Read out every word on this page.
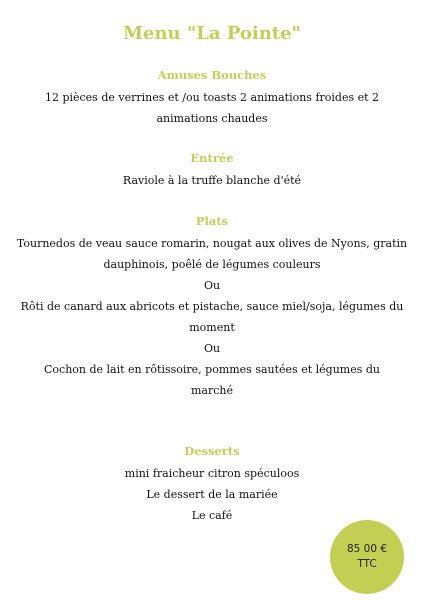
Menu "La Pointe"

Amuses Bouches

12 pièces de verrines et /ou toasts 2 animations froides et 2 animations chaudes

Entrée

Raviole à la truffe blanche d'été

Plats

Tournedos de veau sauce romarin, nougat aux olives de Nyons, gratin

dauphinois, poêlé de légumes couleurs

Ou

Rôti de canard aux abricots et pistache, sauce miel/soja, légumes du moment

Ou

Cochon de lait en rôtissoire, pommes sautées et légumes du marché

Desserts

mini fraicheur citron spéculoos

Le dessert de la mariée

Le café

85 00 €
TTC
